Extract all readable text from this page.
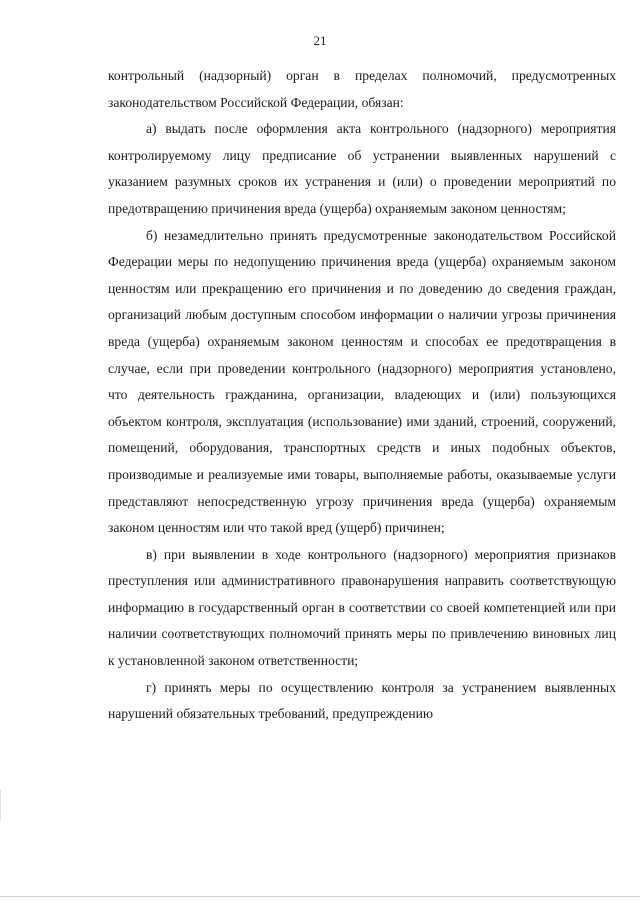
21

контрольный (надзорный) орган в пределах полномочий, предусмотренных законодательством Российской Федерации, обязан:

а) выдать после оформления акта контрольного (надзорного) мероприятия контролируемому лицу предписание об устранении выявленных нарушений с указанием разумных сроков их устранения и (или) о проведении мероприятий по предотвращению причинения вреда (ущерба) охраняемым законом ценностям;

б) незамедлительно принять предусмотренные законодательством Российской Федерации меры по недопущению причинения вреда (ущерба) охраняемым законом ценностям или прекращению его причинения и по доведению до сведения граждан, организаций любым доступным способом информации о наличии угрозы причинения вреда (ущерба) охраняемым законом ценностям и способах ее предотвращения в случае, если при проведении контрольного (надзорного) мероприятия установлено, что деятельность гражданина, организации, владеющих и (или) пользующихся объектом контроля, эксплуатация (использование) ими зданий, строений, сооружений, помещений, оборудования, транспортных средств и иных подобных объектов, производимые и реализуемые ими товары, выполняемые работы, оказываемые услуги представляют непосредственную угрозу причинения вреда (ущерба) охраняемым законом ценностям или что такой вред (ущерб) причинен;

в) при выявлении в ходе контрольного (надзорного) мероприятия признаков преступления или административного правонарушения направить соответствующую информацию в государственный орган в соответствии со своей компетенцией или при наличии соответствующих полномочий принять меры по привлечению виновных лиц к установленной законом ответственности;

г) принять меры по осуществлению контроля за устранением выявленных нарушений обязательных требований, предупреждению
